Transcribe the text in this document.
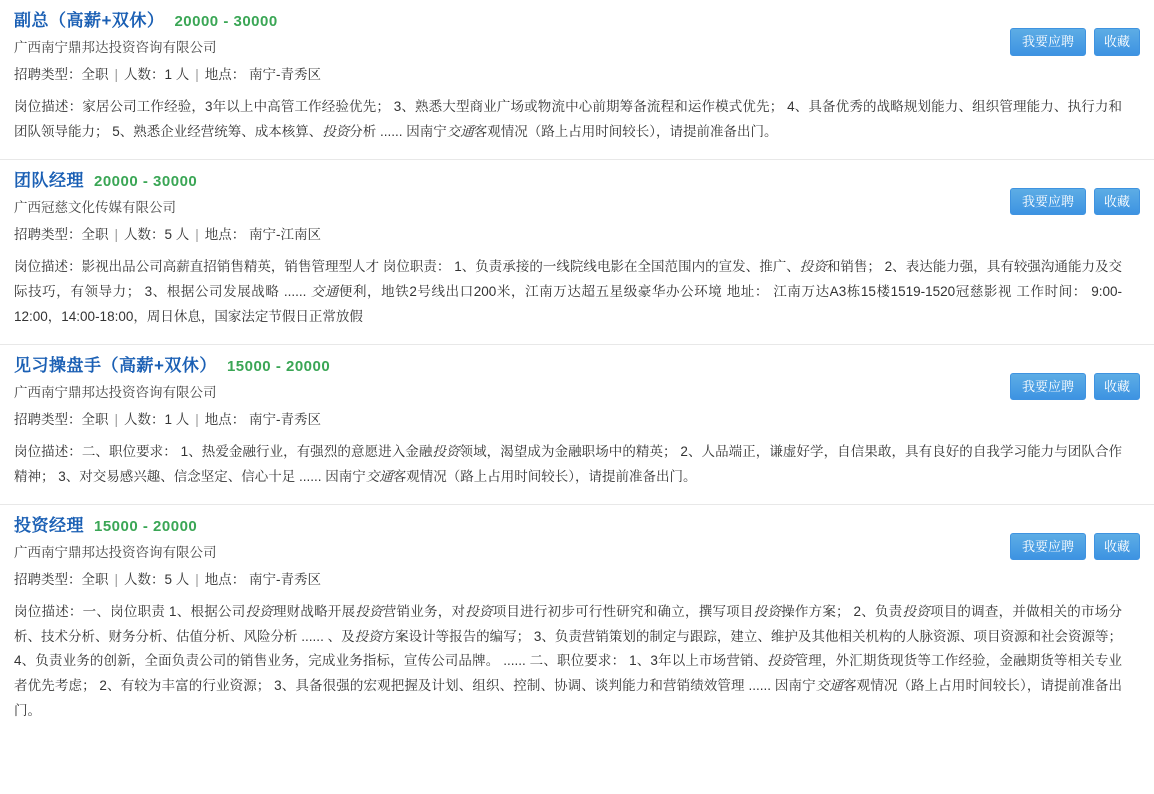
副总（高薪+双休） 20000 - 30000
广西南宁鼎邦达投资咨询有限公司
招聘类型：全职 | 人数：1 人 | 地点： 南宁-青秀区
岗位描述：家居公司工作经验，3年以上中高管工作经验优先； 3、熟悉大型商业广场或物流中心前期筹备流程和运作模式优先； 4、具备优秀的战略规划能力、组织管理能力、执行力和团队领导能力； 5、熟悉企业经营统筹、成本核算、投资分析 ...... 因南宁交通客观情况（路上占用时间较长），请提前准备出门。
我要应聘	收藏
团队经理 20000 - 30000
广西冠慈文化传媒有限公司
招聘类型：全职 | 人数：5 人 | 地点： 南宁-江南区
岗位描述：影视出品公司高薪直招销售精英，销售管理型人才 岗位职责： 1、负责承接的一线院线电影在全国范围内的宣发、推广、投资和销售； 2、表达能力强，具有较强沟通能力及交际技巧，有领导力； 3、根据公司发展战略 ...... 交通便利，地铁2号线出口200米，江南万达超五星级豪华办公环境 地址： 江南万达A3栋15楼1519-1520冠慈影视 工作时间： 9:00-12:00，14:00-18:00，周日休息，国家法定节假日正常放假
我要应聘	收藏
见习操盘手（高薪+双休） 15000 - 20000
广西南宁鼎邦达投资咨询有限公司
招聘类型：全职 | 人数：1 人 | 地点： 南宁-青秀区
岗位描述：二、职位要求： 1、热爱金融行业，有强烈的意愿进入金融投资领域，渴望成为金融职场中的精英； 2、人品端正，谦虚好学，自信果敢，具有良好的自我学习能力与团队合作精神； 3、对交易感兴趣、信念坚定、信心十足 ...... 因南宁交通客观情况（路上占用时间较长），请提前准备出门。
我要应聘	收藏
投资经理 15000 - 20000
广西南宁鼎邦达投资咨询有限公司
招聘类型：全职 | 人数：5 人 | 地点： 南宁-青秀区
岗位描述：一、岗位职责 1、根据公司投资理财战略开展投资营销业务，对投资项目进行初步可行性研究和确立，撰写项目投资操作方案； 2、负责投资项目的调查，并做相关的市场分析、技术分析、财务分析、估值分析、风险分析 ...... 、及投资方案设计等报告的编写； 3、负责营销策划的制定与跟踪，建立、维护及其他相关机构的人脉资源、项目资源和社会资源等； 4、负责业务的创新，全面负责公司的销售业务，完成业务指标，宣传公司品牌。 ...... 二、职位要求： 1、3年以上市场营销、投资管理，外汇期货现货等工作经验，金融期货等相关专业者优先考虑； 2、有较为丰富的行业资源； 3、具备很强的宏观把握及计划、组织、控制、协调、谈判能力和营销绩效管理 ...... 因南宁交通客观情况（路上占用时间较长），请提前准备出门。
我要应聘	收藏
